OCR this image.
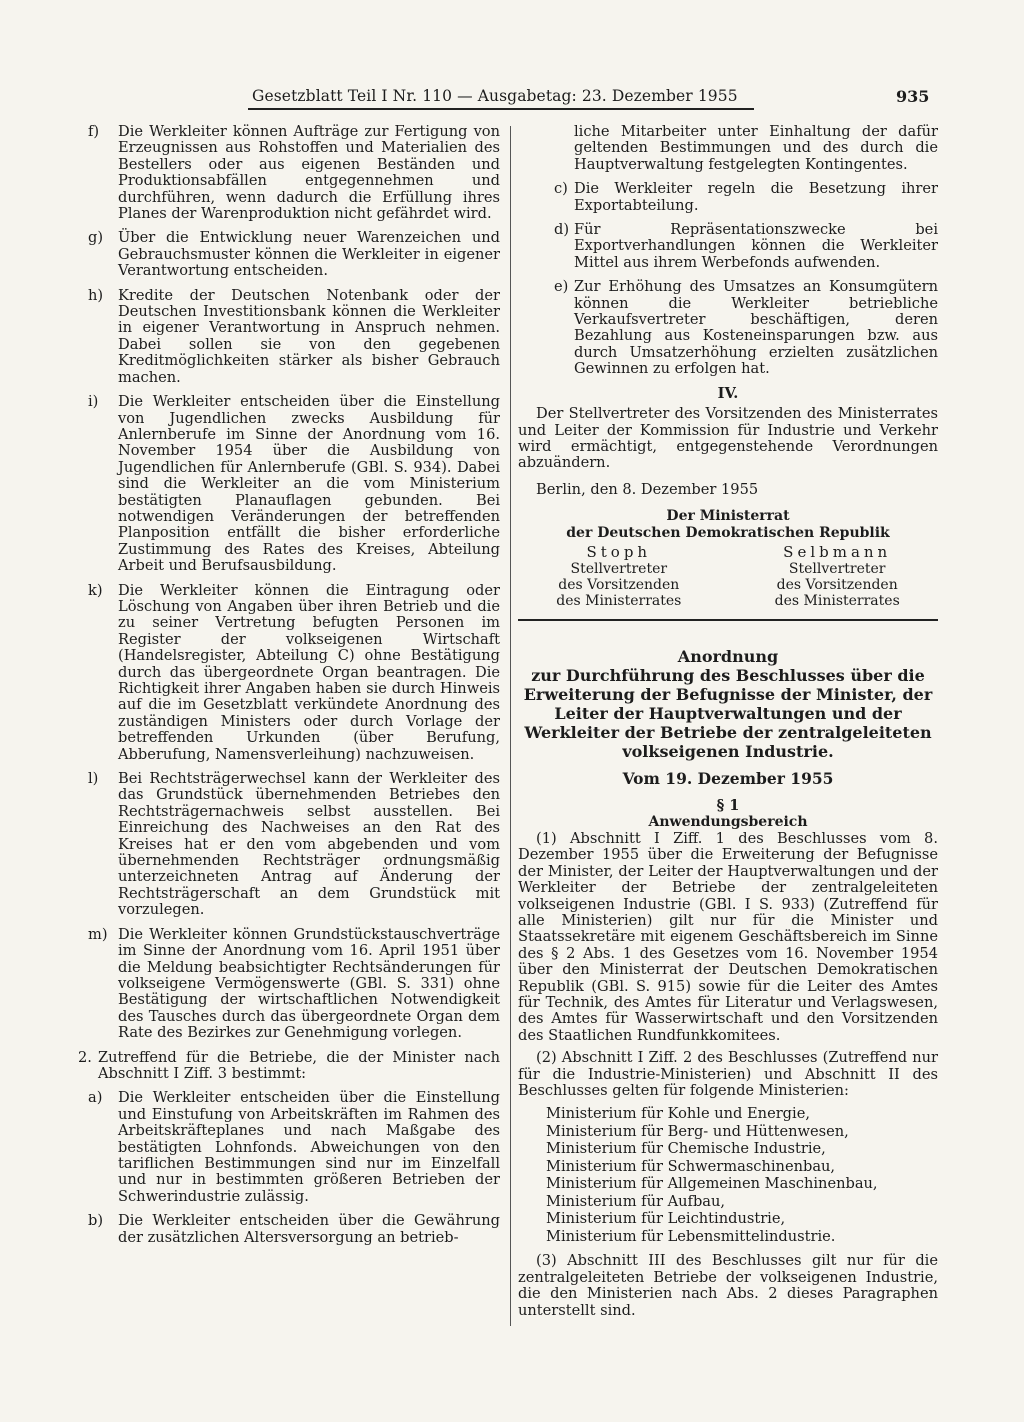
Gesetzblatt Teil I Nr. 110 — Ausgabetag: 23. Dezember 1955	935
f) Die Werkleiter können Aufträge zur Fertigung von Erzeugnissen aus Rohstoffen und Materialien des Bestellers oder aus eigenen Beständen und Produktionsabfällen entgegennehmen und durchführen, wenn dadurch die Erfüllung ihres Planes der Warenproduktion nicht gefährdet wird.
g) Über die Entwicklung neuer Warenzeichen und Gebrauchsmuster können die Werkleiter in eigener Verantwortung entscheiden.
h) Kredite der Deutschen Notenbank oder der Deutschen Investitionsbank können die Werkleiter in eigener Verantwortung in Anspruch nehmen. Dabei sollen sie von den gegebenen Kreditmöglichkeiten stärker als bisher Gebrauch machen.
i) Die Werkleiter entscheiden über die Einstellung von Jugendlichen zwecks Ausbildung für Anlernberufe im Sinne der Anordnung vom 16. November 1954 über die Ausbildung von Jugendlichen für Anlernberufe (GBl. S. 934). Dabei sind die Werkleiter an die vom Ministerium bestätigten Planauflagen gebunden. Bei notwendigen Veränderungen der betreffenden Planposition entfällt die bisher erforderliche Zustimmung des Rates des Kreises, Abteilung Arbeit und Berufsausbildung.
k) Die Werkleiter können die Eintragung oder Löschung von Angaben über ihren Betrieb und die zu seiner Vertretung befugten Personen im Register der volkseigenen Wirtschaft (Handelsregister, Abteilung C) ohne Bestätigung durch das übergeordnete Organ beantragen. Die Richtigkeit ihrer Angaben haben sie durch Hinweis auf die im Gesetzblatt verkündete Anordnung des zuständigen Ministers oder durch Vorlage der betreffenden Urkunden (über Berufung, Abberufung, Namensverleihung) nachzuweisen.
l) Bei Rechtsträgerwechsel kann der Werkleiter des das Grundstück übernehmenden Betriebes den Rechtsträgernachweis selbst ausstellen. Bei Einreichung des Nachweises an den Rat des Kreises hat er den vom abgebenden und vom übernehmenden Rechtsträger ordnungsmäßig unterzeichneten Antrag auf Änderung der Rechtsträgerschaft an dem Grundstück mit vorzulegen.
m) Die Werkleiter können Grundstückstauschverträge im Sinne der Anordnung vom 16. April 1951 über die Meldung beabsichtigter Rechtsänderungen für volkseigene Vermögenswerte (GBl. S. 331) ohne Bestätigung der wirtschaftlichen Notwendigkeit des Tausches durch das übergeordnete Organ dem Rate des Bezirkes zur Genehmigung vorlegen.
2. Zutreffend für die Betriebe, die der Minister nach Abschnitt I Ziff. 3 bestimmt:
a) Die Werkleiter entscheiden über die Einstellung und Einstufung von Arbeitskräften im Rahmen des Arbeitskräfteplanes und nach Maßgabe des bestätigten Lohnfonds. Abweichungen von den tariflichen Bestimmungen sind nur im Einzelfall und nur in bestimmten größeren Betrieben der Schwerindustrie zulässig.
b) Die Werkleiter entscheiden über die Gewährung der zusätzlichen Altersversorgung an betrieb-
liche Mitarbeiter unter Einhaltung der dafür geltenden Bestimmungen und des durch die Hauptverwaltung festgelegten Kontingentes.
c) Die Werkleiter regeln die Besetzung ihrer Exportabteilung.
d) Für Repräsentationszwecke bei Exportverhandlungen können die Werkleiter Mittel aus ihrem Werbefonds aufwenden.
e) Zur Erhöhung des Umsatzes an Konsumgütern können die Werkleiter betriebliche Verkaufsvertreter beschäftigen, deren Bezahlung aus Kosteneinsparungen bzw. aus durch Umsatzerhöhung erzielten zusätzlichen Gewinnen zu erfolgen hat.
IV.
Der Stellvertreter des Vorsitzenden des Ministerrates und Leiter der Kommission für Industrie und Verkehr wird ermächtigt, entgegenstehende Verordnungen abzuändern.
Berlin, den 8. Dezember 1955
Der Ministerrat
der Deutschen Demokratischen Republik
Stoph
Stellvertreter
des Vorsitzenden
des Ministerrates
Selbmann
Stellvertreter
des Vorsitzenden
des Ministerrates
Anordnung
zur Durchführung des Beschlusses über die Erweiterung der Befugnisse der Minister, der Leiter der Hauptverwaltungen und der Werkleiter der Betriebe der zentralgeleiteten volkseigenen Industrie.
Vom 19. Dezember 1955
§ 1
Anwendungsbereich
(1) Abschnitt I Ziff. 1 des Beschlusses vom 8. Dezember 1955 über die Erweiterung der Befugnisse der Minister, der Leiter der Hauptverwaltungen und der Werkleiter der Betriebe der zentralgeleiteten volkseigenen Industrie (GBl. I S. 933) (Zutreffend für alle Ministerien) gilt nur für die Minister und Staatssekretäre mit eigenem Geschäftsbereich im Sinne des § 2 Abs. 1 des Gesetzes vom 16. November 1954 über den Ministerrat der Deutschen Demokratischen Republik (GBl. S. 915) sowie für die Leiter des Amtes für Technik, des Amtes für Literatur und Verlagswesen, des Amtes für Wasserwirtschaft und den Vorsitzenden des Staatlichen Rundfunkkomitees.
(2) Abschnitt I Ziff. 2 des Beschlusses (Zutreffend nur für die Industrie-Ministerien) und Abschnitt II des Beschlusses gelten für folgende Ministerien:
Ministerium für Kohle und Energie,
Ministerium für Berg- und Hüttenwesen,
Ministerium für Chemische Industrie,
Ministerium für Schwermaschinenbau,
Ministerium für Allgemeinen Maschinenbau,
Ministerium für Aufbau,
Ministerium für Leichtindustrie,
Ministerium für Lebensmittelindustrie.
(3) Abschnitt III des Beschlusses gilt nur für die zentralgeleiteten Betriebe der volkseigenen Industrie, die den Ministerien nach Abs. 2 dieses Paragraphen unterstellt sind.
